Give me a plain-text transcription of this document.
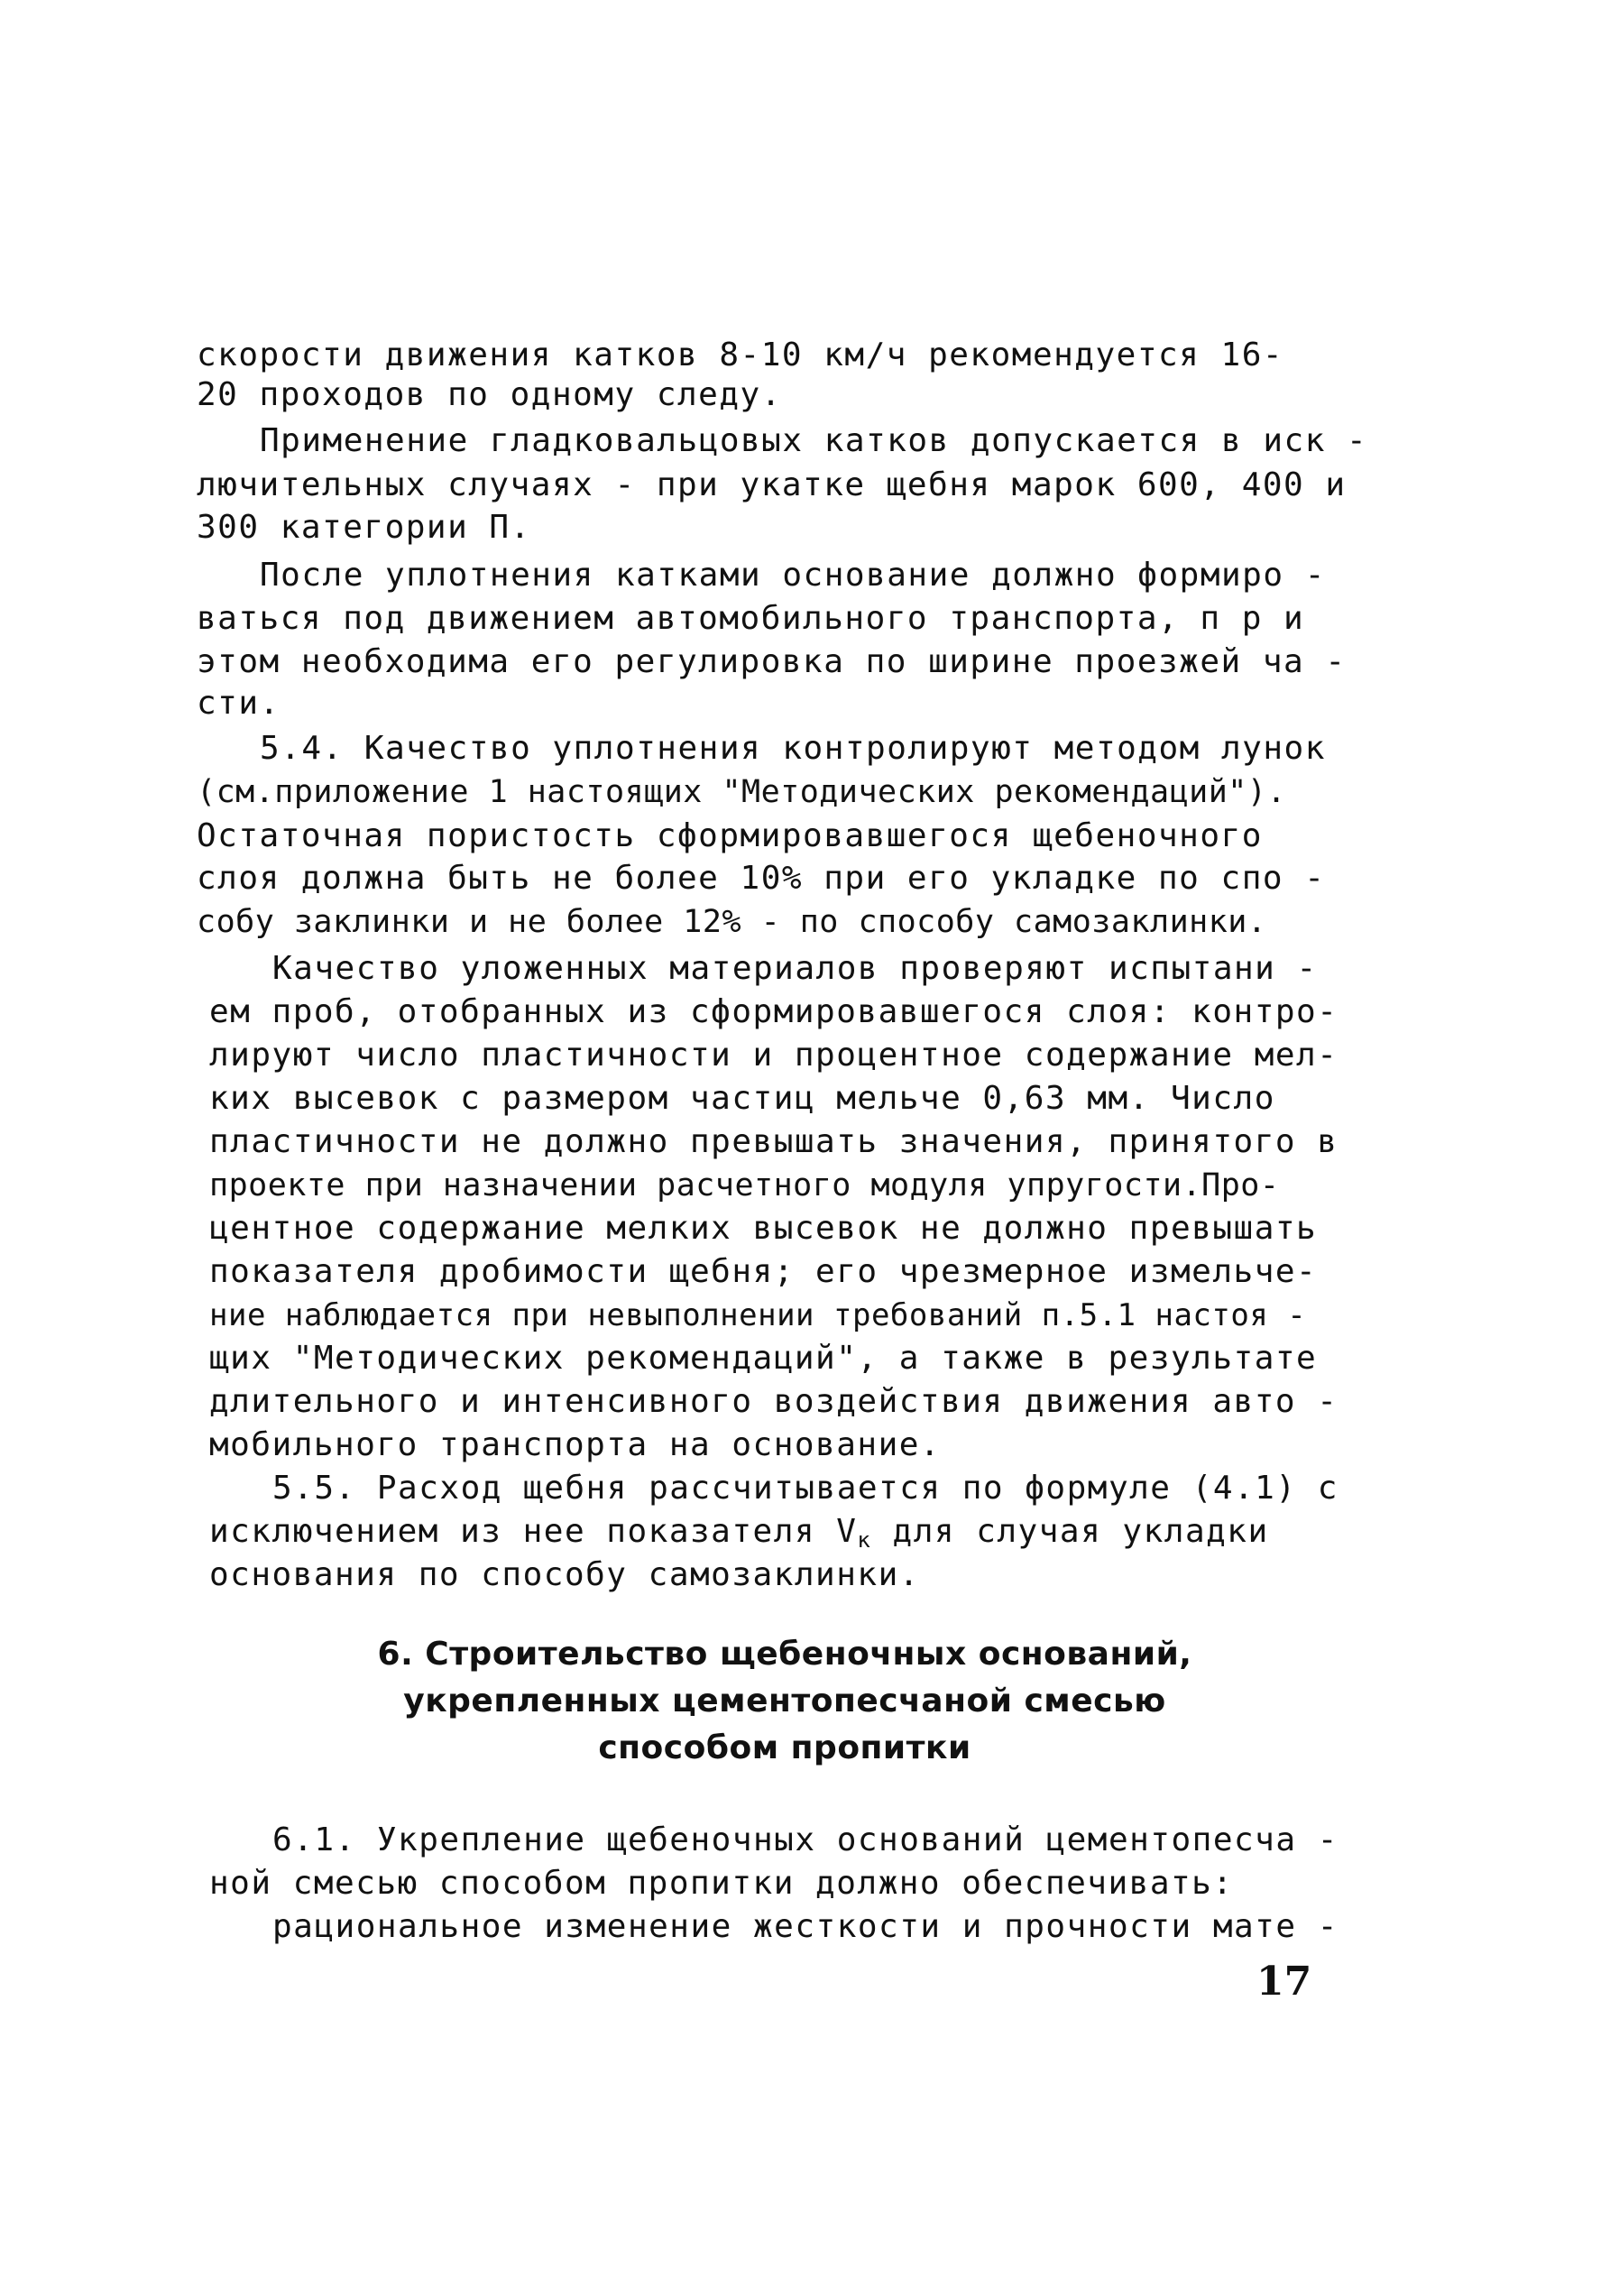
скорости движения катков 8-10 км/ч рекомендуется 16-
20 проходов по одному следу.
Применение гладковальцовых катков допускается в иск -
лючительных случаях - при укатке щебня марок 600, 400 и
300 категории П.
После уплотнения катками основание должно формиро -
ваться под движением автомобильного транспорта, п р и
этом необходима его регулировка по ширине проезжей ча -
сти.
5.4. Качество уплотнения контролируют методом лунок
(см.приложение 1 настоящих "Методических рекомендаций").
Остаточная пористость сформировавшегося щебеночного
слоя должна быть не более 10% при его укладке по спо -
собу заклинки и не более 12% - по способу самозаклинки.
Качество уложенных материалов проверяют испытани -
ем проб, отобранных из сформировавшегося слоя: контро-
лируют число пластичности и процентное содержание мел-
ких высевок с размером частиц мельче 0,63 мм. Число
пластичности не должно превышать значения, принятого в
проекте при назначении расчетного модуля упругости.Про-
центное содержание мелких высевок не должно превышать
показателя дробимости щебня; его чрезмерное измельче-
ние наблюдается при невыполнении требований п.5.1 настоя -
щих "Методических рекомендаций", а также в результате
длительного и интенсивного воздействия движения авто -
мобильного транспорта на основание.
5.5. Расход щебня рассчитывается по формуле (4.1) с
исключением из нее показателя $V_к$ для случая укладки
основания по способу самозаклинки.
6. Строительство щебеночных оснований,
укрепленных цементопесчаной смесью
способом пропитки
6.1. Укрепление щебеночных оснований цементопесча -
ной смесью способом пропитки должно обеспечивать:
рациональное изменение жесткости и прочности мате -
17
